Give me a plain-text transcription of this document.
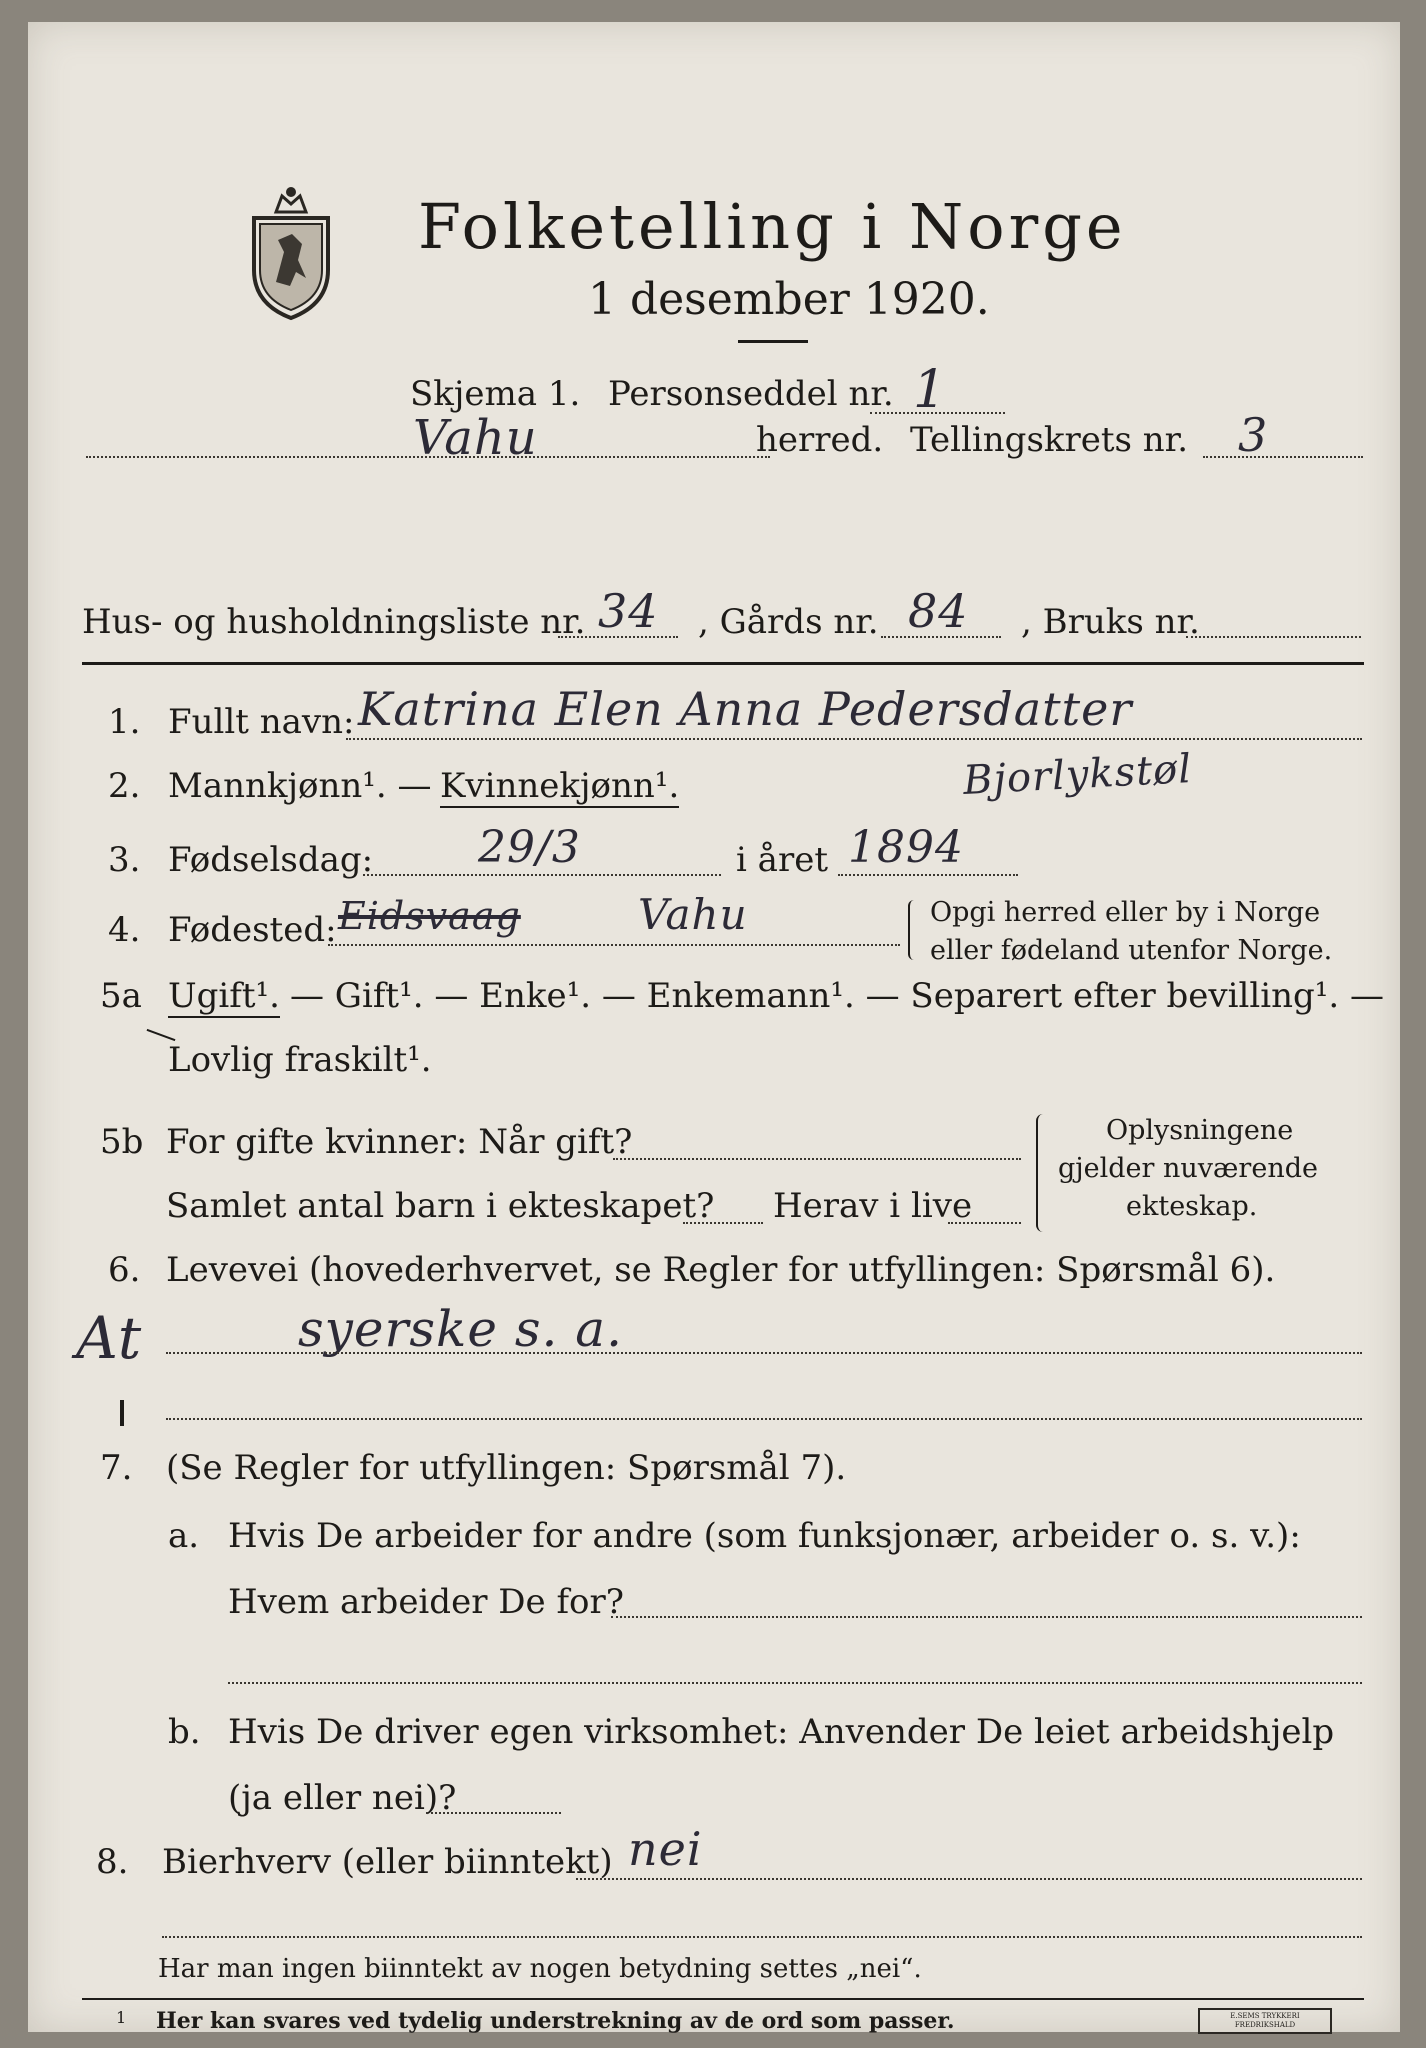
Folketelling i Norge
1 desember 1920.
Skjema 1. Personseddel nr. 1
Vahu	herred. Tellingskrets nr. 3
Hus- og husholdningsliste nr. 34 , Gårds nr. 84 , Bruks nr.
1. Fullt navn: Katrina Elen Anna Pedersdatter
Bjorlykstøl
2. Mannkjønn¹. — Kvinnekjønn¹.
3. Fødselsdag: 29/3	i året 1894
4. Fødested: Eidsvaag	Vahu	Opgi herred eller by i Norge
eller fødeland utenfor Norge.
5a Ugift¹. — Gift¹. — Enke¹. — Enkemann¹. — Separert efter bevilling¹. —
Lovlig fraskilt¹.
5b For gifte kvinner: Når gift?
Samlet antal barn i ekteskapet? Herav i live
Oplysningene
gjelder nuværende
ekteskap.
6. Levevei (hovederhvervet, se Regler for utfyllingen: Spørsmål 6).
At	syerske s. a.
7. (Se Regler for utfyllingen: Spørsmål 7).
a. Hvis De arbeider for andre (som funksjonær, arbeider o. s. v.):
Hvem arbeider De for?
b. Hvis De driver egen virksomhet: Anvender De leiet arbeidshjelp
(ja eller nei)?
8. Bierhverv (eller biinntekt) nei
Har man ingen biinntekt av nogen betydning settes „nei“.
1 Her kan svares ved tydelig understrekning av de ord som passer.	E.SEMS TRYKKERI FREDRIKSHALD
